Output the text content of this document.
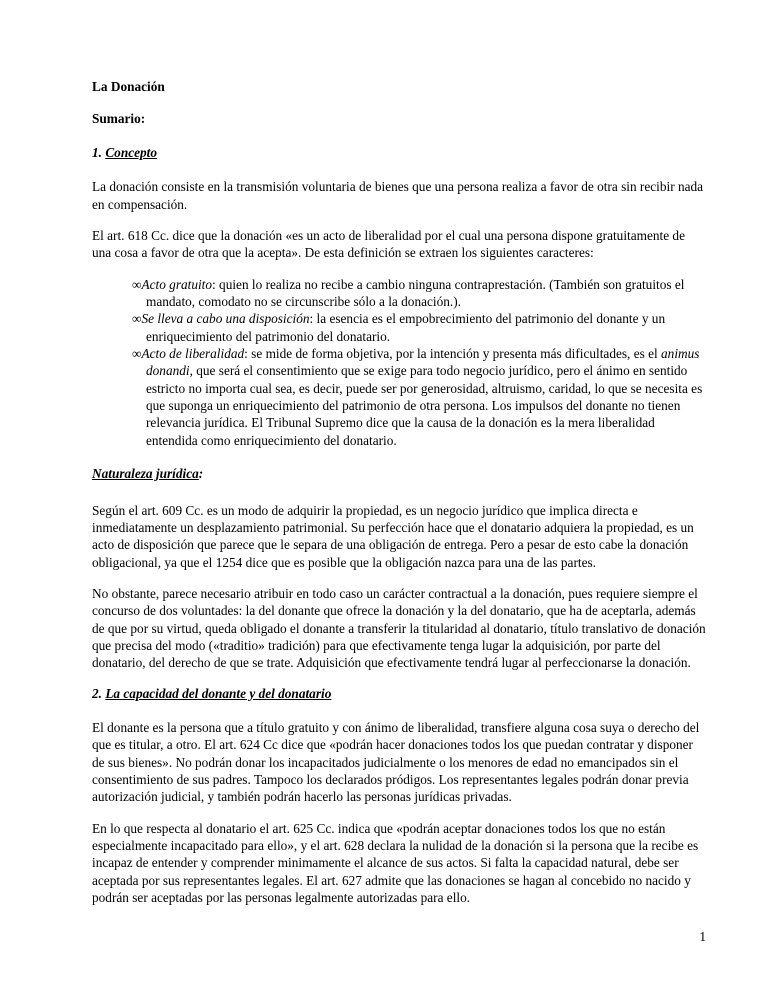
La Donación
Sumario:
1. Concepto

La donación consiste en la transmisión voluntaria de bienes que una persona realiza a favor de otra sin recibir nada en compensación.

El art. 618 Cc. dice que la donación «es un acto de liberalidad por el cual una persona dispone gratuitamente de una cosa a favor de otra que la acepta». De esta definición se extraen los siguientes caracteres:

∞Acto gratuito: quien lo realiza no recibe a cambio ninguna contraprestación. (También son gratuitos el mandato, comodato no se circunscribe sólo a la donación.).
∞Se lleva a cabo una disposición: la esencia es el empobrecimiento del patrimonio del donante y un enriquecimiento del patrimonio del donatario.
∞Acto de liberalidad: se mide de forma objetiva, por la intención y presenta más dificultades, es el animus donandi, que será el consentimiento que se exige para todo negocio jurídico, pero el ánimo en sentido estricto no importa cual sea, es decir, puede ser por generosidad, altruismo, caridad, lo que se necesita es que suponga un enriquecimiento del patrimonio de otra persona. Los impulsos del donante no tienen relevancia jurídica. El Tribunal Supremo dice que la causa de la donación es la mera liberalidad entendida como enriquecimiento del donatario.
Naturaleza jurídica:

Según el art. 609 Cc. es un modo de adquirir la propiedad, es un negocio jurídico que implica directa e inmediatamente un desplazamiento patrimonial. Su perfección hace que el donatario adquiera la propiedad, es un acto de disposición que parece que le separa de una obligación de entrega. Pero a pesar de esto cabe la donación obligacional, ya que el 1254 dice que es posible que la obligación nazca para una de las partes.

No obstante, parece necesario atribuir en todo caso un carácter contractual a la donación, pues requiere siempre el concurso de dos voluntades: la del donante que ofrece la donación y la del donatario, que ha de aceptarla, además de que por su virtud, queda obligado el donante a transferir la titularidad al donatario, título translativo de donación que precisa del modo («traditio» tradición) para que efectivamente tenga lugar la adquisición, por parte del donatario, del derecho de que se trate. Adquisición que efectivamente tendrá lugar al perfeccionarse la donación.

2. La capacidad del donante y del donatario

El donante es la persona que a título gratuito y con ánimo de liberalidad, transfiere alguna cosa suya o derecho del que es titular, a otro. El art. 624 Cc dice que «podrán hacer donaciones todos los que puedan contratar y disponer de sus bienes». No podrán donar los incapacitados judicialmente o los menores de edad no emancipados sin el consentimiento de sus padres. Tampoco los declarados pródigos. Los representantes legales podrán donar previa autorización judicial, y también podrán hacerlo las personas jurídicas privadas.

En lo que respecta al donatario el art. 625 Cc. indica que «podrán aceptar donaciones todos los que no están especialmente incapacitado para ello», y el art. 628 declara la nulidad de la donación si la persona que la recibe es incapaz de entender y comprender minimamente el alcance de sus actos. Si falta la capacidad natural, debe ser aceptada por sus representantes legales. El art. 627 admite que las donaciones se hagan al concebido no nacido y podrán ser aceptadas por las personas legalmente autorizadas para ello.

1
